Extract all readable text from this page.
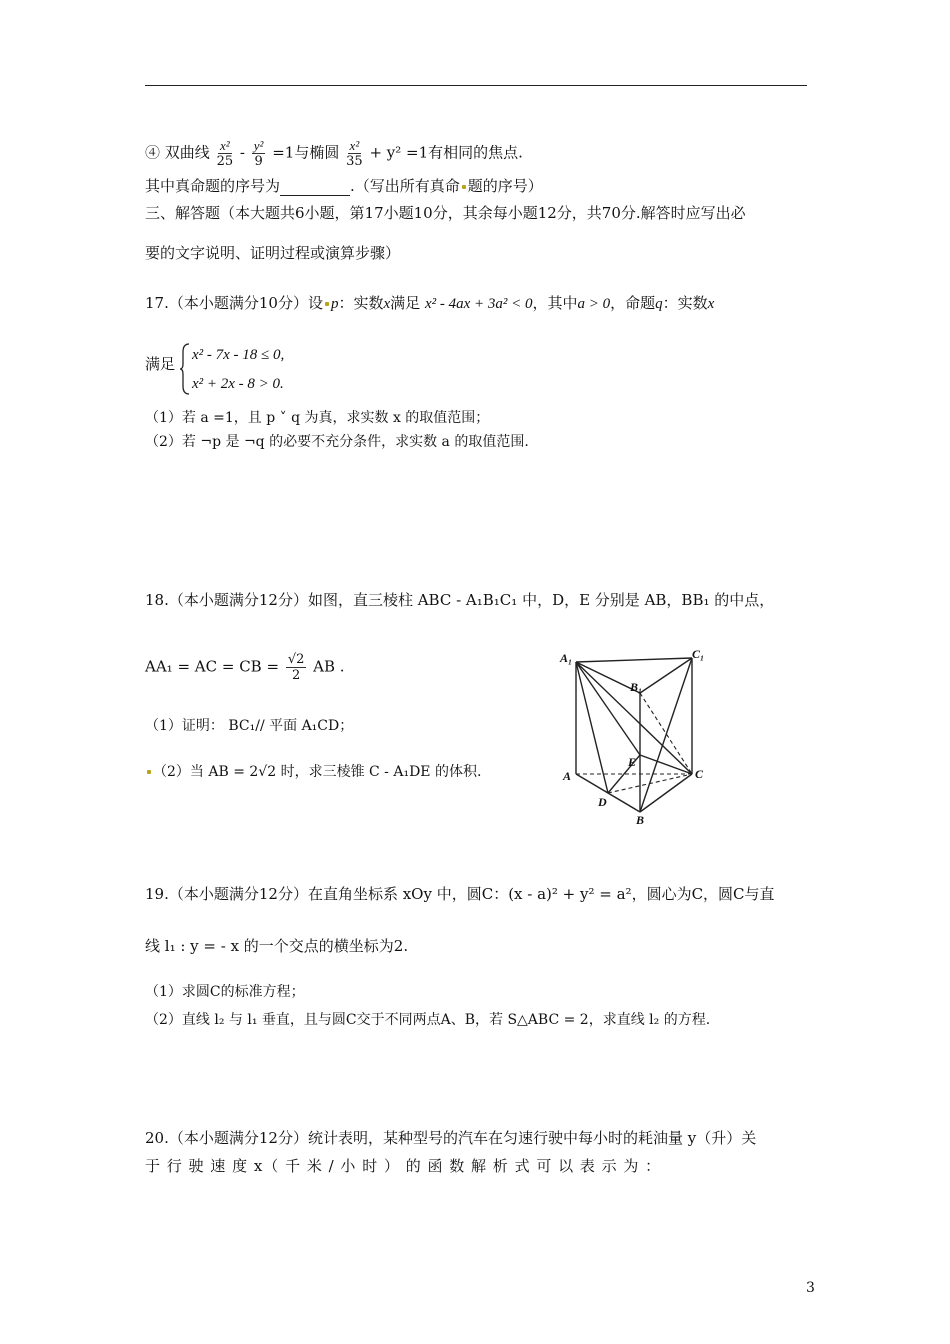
④ 双曲线 $\frac{\text{x²}}{25} - \frac{\text{y²}}{9} =1$与椭圆 $\frac{\text{x²}}{35} + y^2 =1$有相同的焦点.
其中真命题的序号为	.（写出所有真命 题的序号）
三、解答题（本大题共6小题，第17小题10分，其余每小题12分，共70分.解答时应写出必
要的文字说明、证明过程或演算步骤）
17.（本小题满分10分）设 p：实数x满足 x² - 4ax + 3a² < 0，其中a > 0，命题q：实数x
满足 x² - 7x - 18 ≤ 0,
x² + 2x - 8 > 0.
（1）若 a =1，且 p ˅ q 为真，求实数 x 的取值范围；
（2）若 ¬p 是 ¬q 的必要不充分条件，求实数 a 的取值范围.
18.（本小题满分12分）如图，直三棱柱 ABC - A₁B₁C₁ 中，D，E 分别是 AB，BB₁ 的中点，
AA₁ = AC = CB = $\frac{√2}{2}$ AB .
（1）证明： BC₁// 平面 A₁CD；
（2）当 AB = 2√2 时，求三棱锥 C - A₁DE 的体积.
A₁	C₁
B₁
E
A	C
D
B
19.（本小题满分12分）在直角坐标系 xOy 中，圆C：(x - a)² + y² = a²，圆心为C，圆C与直
线 l₁ : y = - x 的一个交点的横坐标为2.
（1）求圆C的标准方程；
（2）直线 l₂ 与 l₁ 垂直，且与圆C交于不同两点A、B，若 S△ABC = 2，求直线 l₂ 的方程.
20.（本小题满分12分）统计表明，某种型号的汽车在匀速行驶中每小时的耗油量 y（升）关
于 行 驶 速 度 x（ 千 米 / 小 时 ） 的 函 数 解 析 式 可 以 表 示 为 ：
3
